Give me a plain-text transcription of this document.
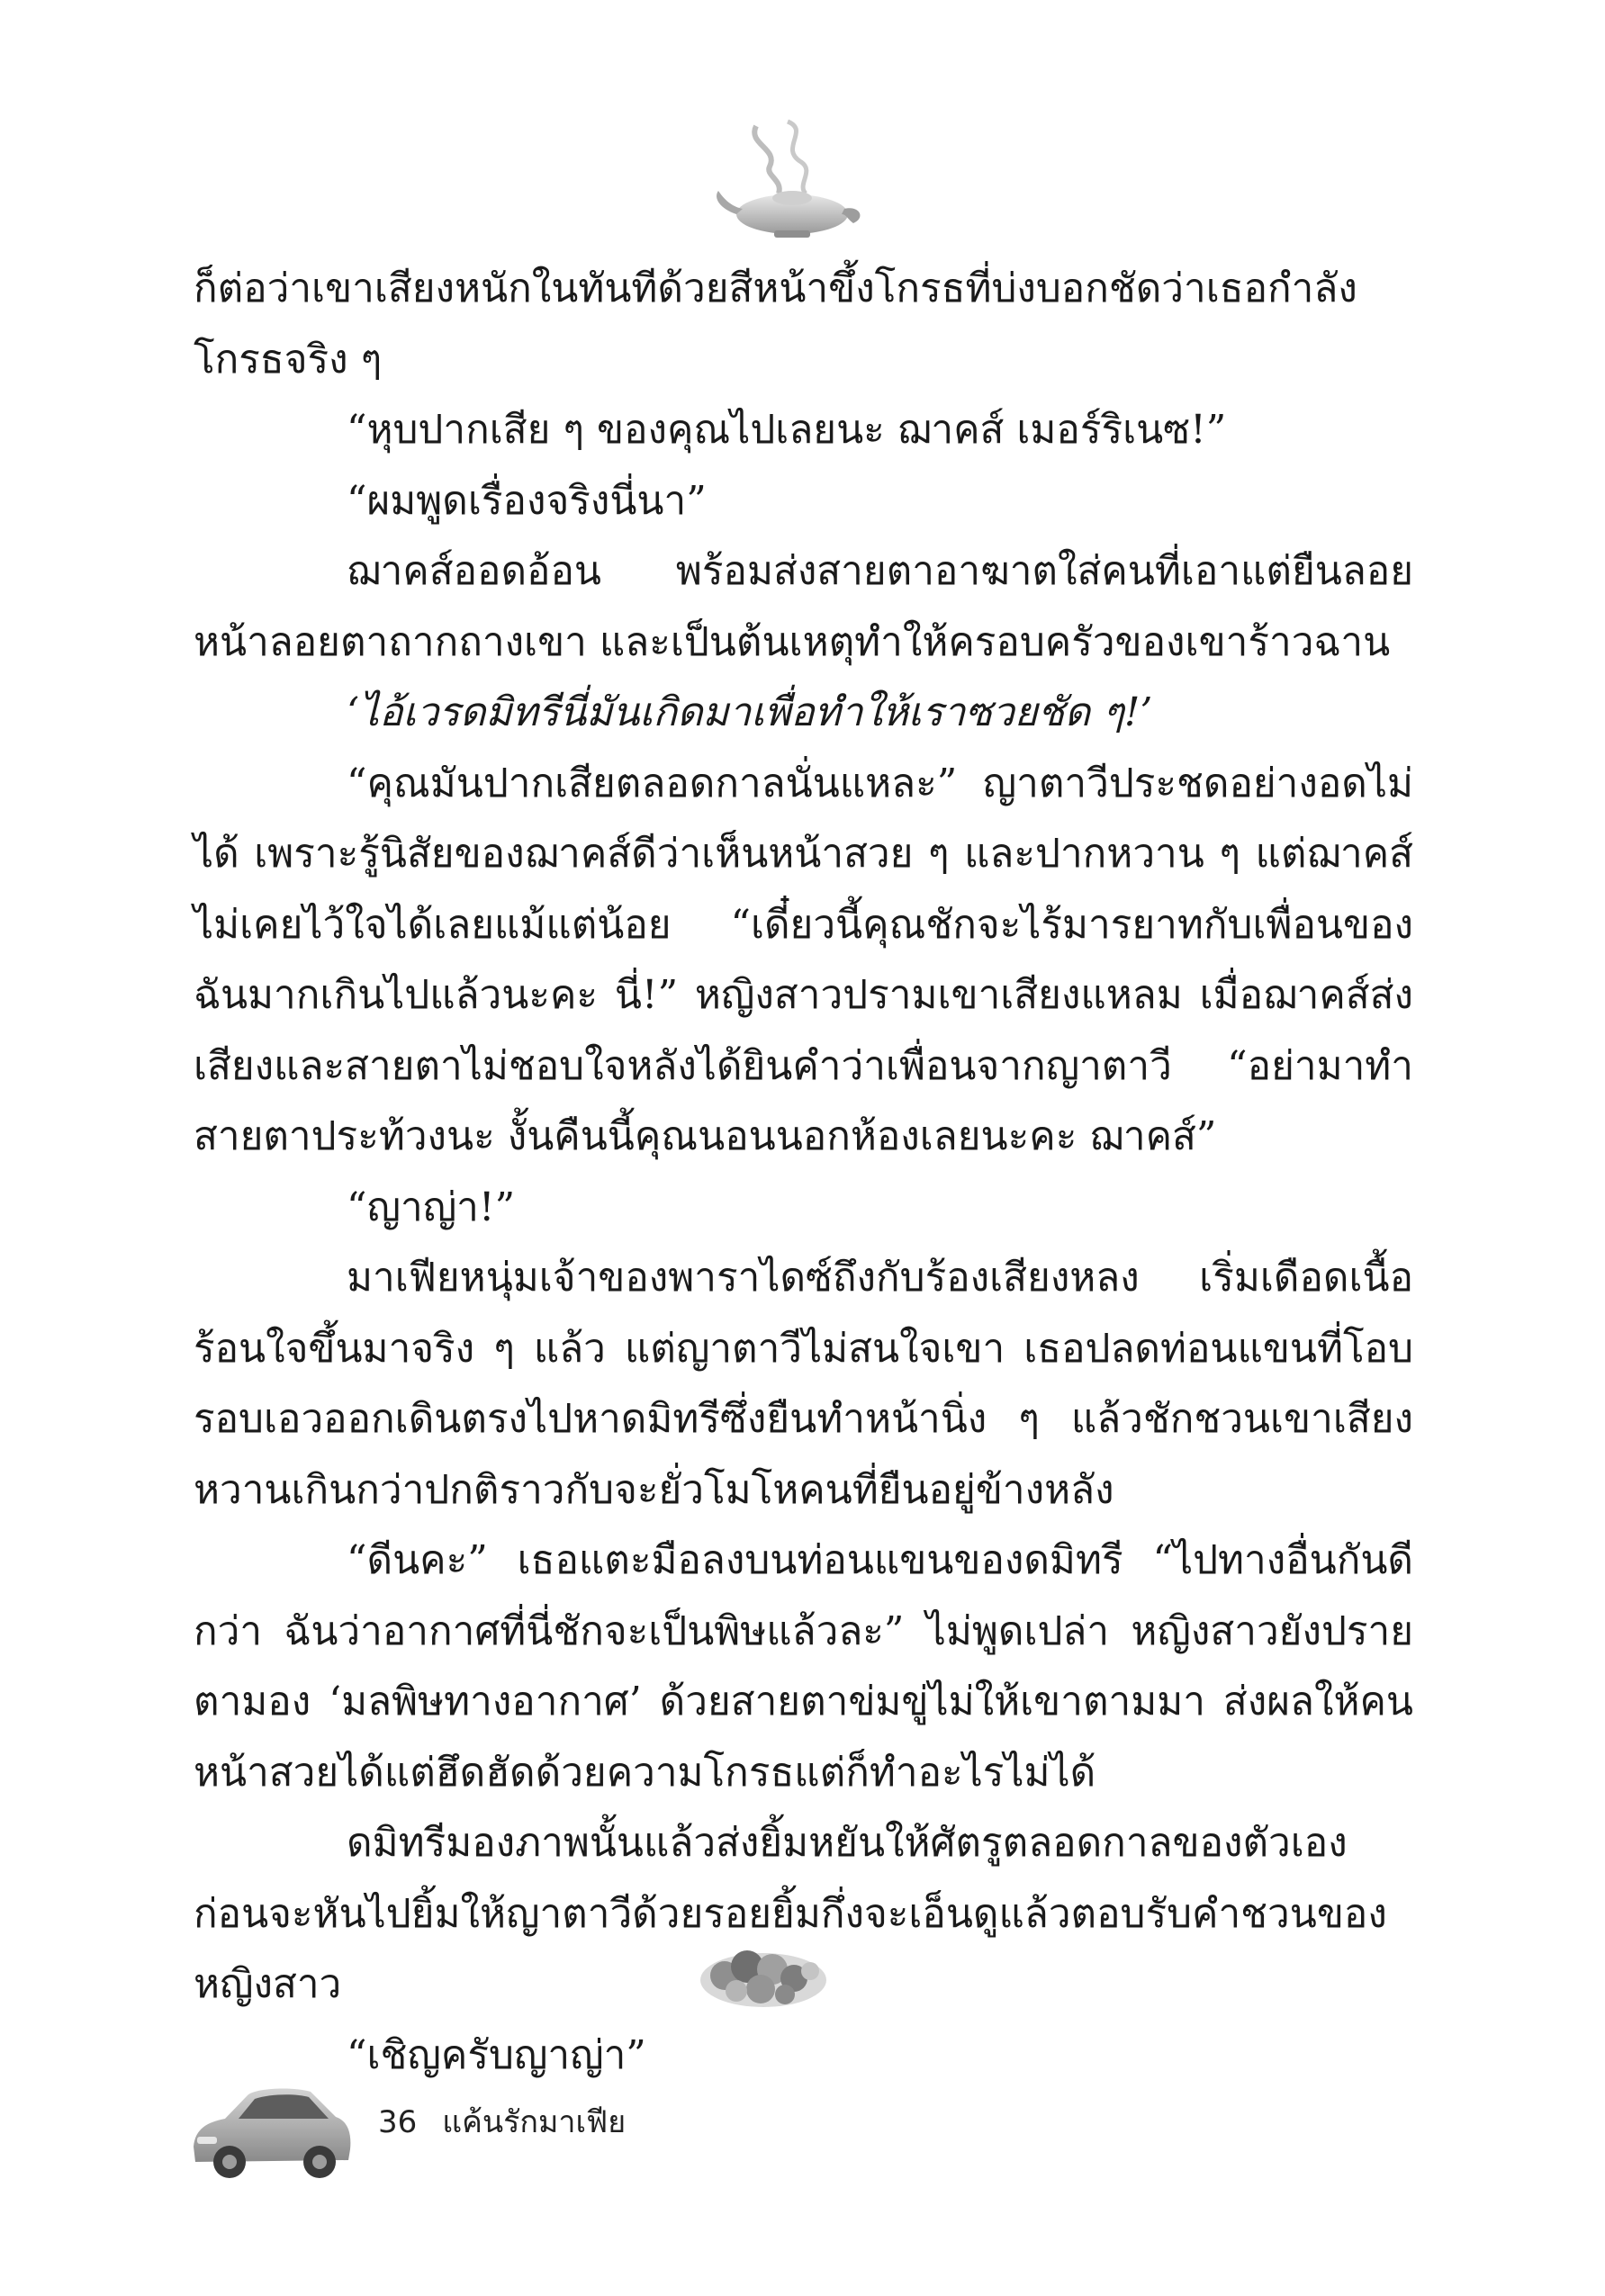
ก็ต่อว่าเขาเสียงหนักในทันทีด้วยสีหน้าขึ้งโกรธที่บ่งบอกชัดว่าเธอกำลังโกรธจริง ๆ

“หุบปากเสีย ๆ ของคุณไปเลยนะ ฌาคส์ เมอร์ริเนซ!”

“ผมพูดเรื่องจริงนี่นา”

ฌาคส์ออดอ้อน พร้อมส่งสายตาอาฆาตใส่คนที่เอาแต่ยืนลอยหน้าลอยตาถากถางเขา และเป็นต้นเหตุทำให้ครอบครัวของเขาร้าวฉาน

‘ไอ้เวรดมิทรีนี่มันเกิดมาเพื่อทำให้เราซวยชัด ๆ!’

“คุณมันปากเสียตลอดกาลนั่นแหละ” ญาตาวีประชดอย่างอดไม่ได้ เพราะรู้นิสัยของฌาคส์ดีว่าเห็นหน้าสวย ๆ และปากหวาน ๆ แต่ฌาคส์ไม่เคยไว้ใจได้เลยแม้แต่น้อย “เดี๋ยวนี้คุณชักจะไร้มารยาทกับเพื่อนของฉันมากเกินไปแล้วนะคะ นี่!” หญิงสาวปรามเขาเสียงแหลม เมื่อฌาคส์ส่งเสียงและสายตาไม่ชอบใจหลังได้ยินคำว่าเพื่อนจากญาตาวี “อย่ามาทำสายตาประท้วงนะ งั้นคืนนี้คุณนอนนอกห้องเลยนะคะ ฌาคส์”

“ญาญ่า!”

มาเฟียหนุ่มเจ้าของพาราไดซ์ถึงกับร้องเสียงหลง เริ่มเดือดเนื้อร้อนใจขึ้นมาจริง ๆ แล้ว แต่ญาตาวีไม่สนใจเขา เธอปลดท่อนแขนที่โอบรอบเอวออกเดินตรงไปหาดมิทรีซึ่งยืนทำหน้านิ่ง ๆ แล้วชักชวนเขาเสียงหวานเกินกว่าปกติราวกับจะยั่วโมโหคนที่ยืนอยู่ข้างหลัง

“ดีนคะ” เธอแตะมือลงบนท่อนแขนของดมิทรี “ไปทางอื่นกันดีกว่า ฉันว่าอากาศที่นี่ชักจะเป็นพิษแล้วละ” ไม่พูดเปล่า หญิงสาวยังปรายตามอง ‘มลพิษทางอากาศ’ ด้วยสายตาข่มขู่ไม่ให้เขาตามมา ส่งผลให้คนหน้าสวยได้แต่ฮึดฮัดด้วยความโกรธแต่ก็ทำอะไรไม่ได้

ดมิทรีมองภาพนั้นแล้วส่งยิ้มหยันให้ศัตรูตลอดกาลของตัวเองก่อนจะหันไปยิ้มให้ญาตาวีด้วยรอยยิ้มกึ่งจะเอ็นดูแล้วตอบรับคำชวนของหญิงสาว

“เชิญครับญาญ่า”

36 แค้นรักมาเฟีย
